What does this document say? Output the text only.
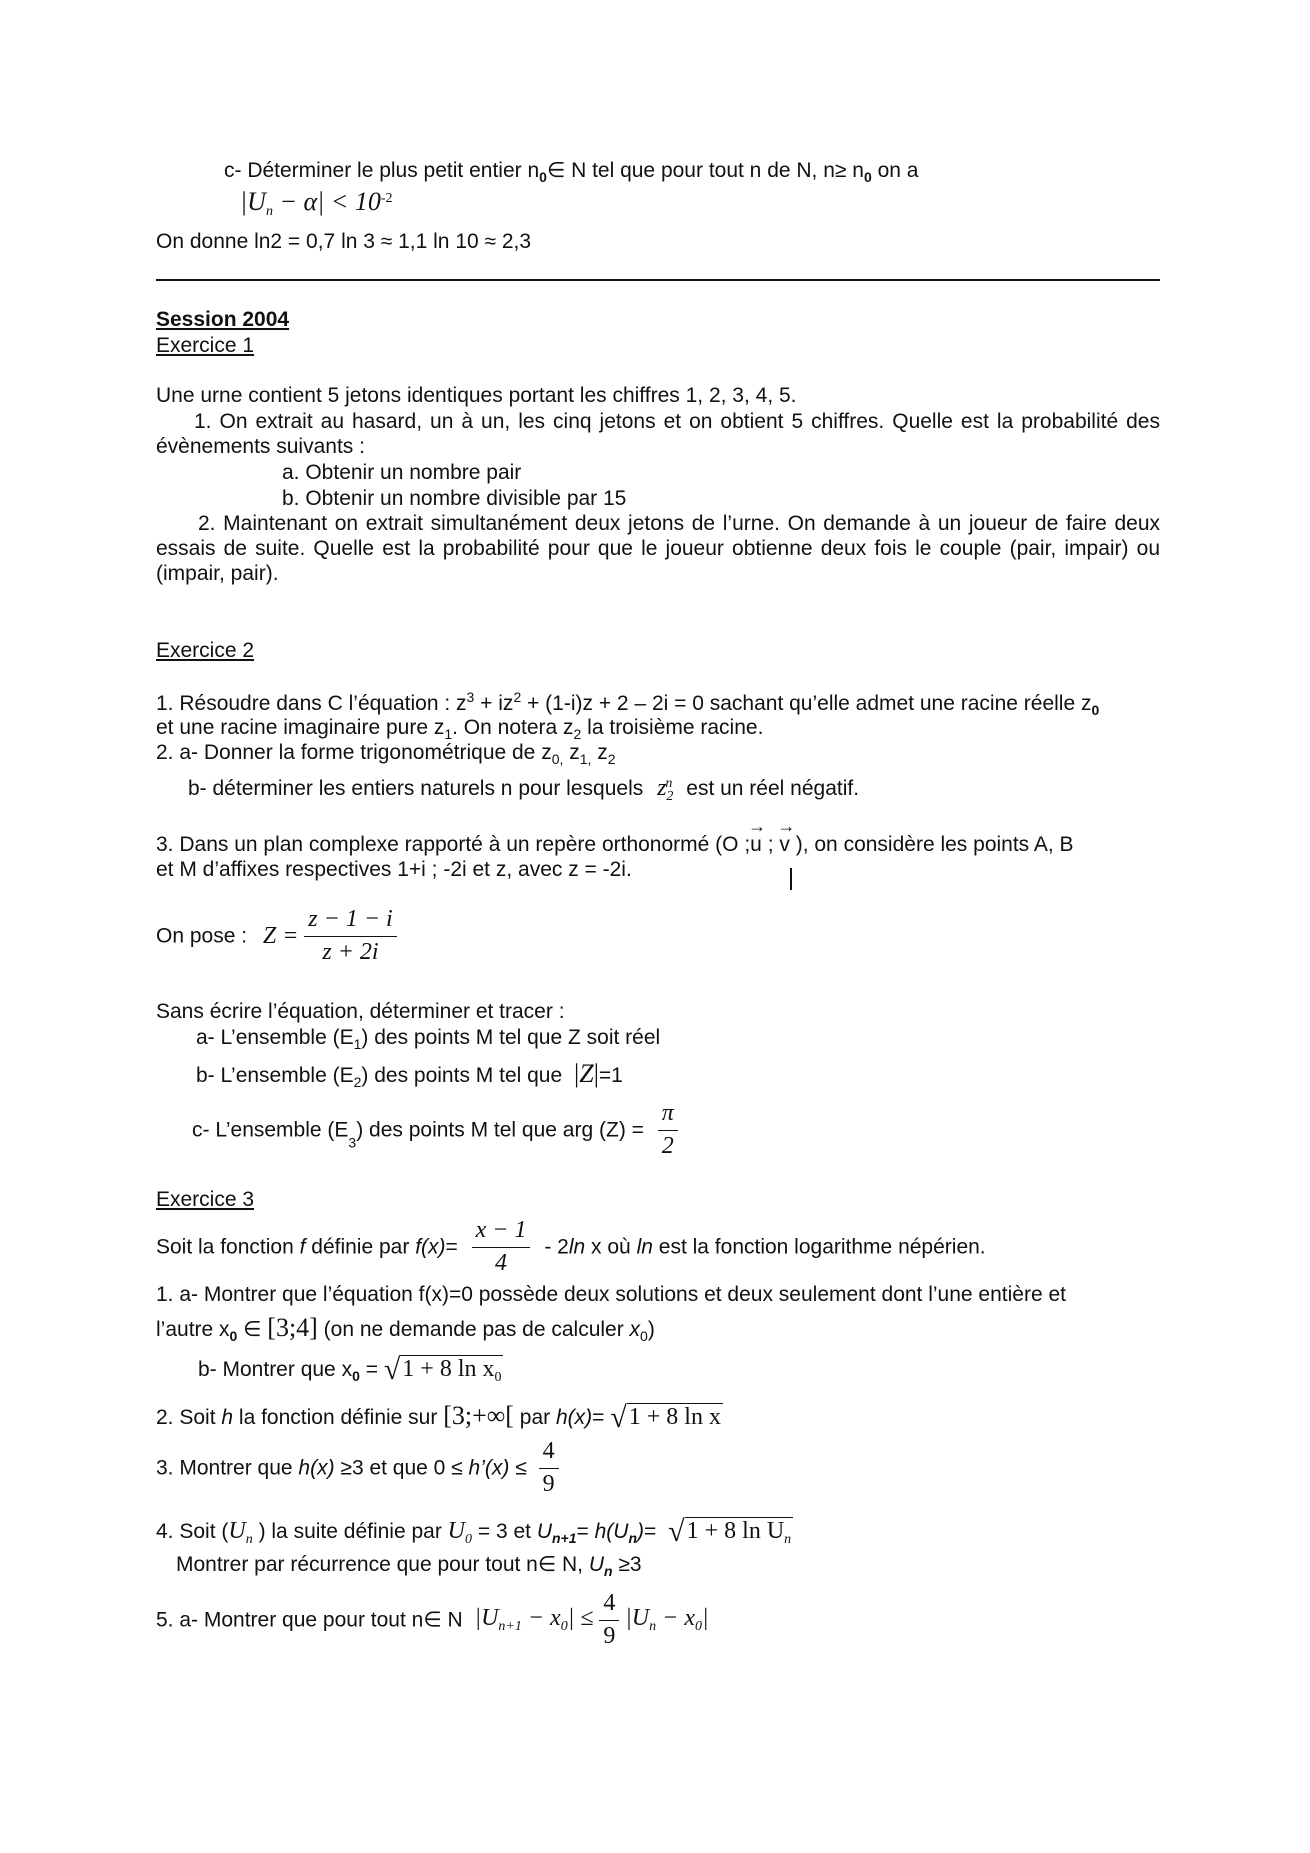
c- Déterminer le plus petit entier $n_0\in$ N tel que pour tout n de N, $n\ge n_0$ on a
$|U_n - \alpha| < 10^{-2}$
On donne ln2 = 0,7 ln 3 ≈ 1,1 ln 10 ≈ 2,3
Session 2004
Exercice 1
Une urne contient 5 jetons identiques portant les chiffres 1, 2, 3, 4, 5.
1. On extrait au hasard, un à un, les cinq jetons et on obtient 5 chiffres. Quelle est la probabilité des évènements suivants :
a. Obtenir un nombre pair
b. Obtenir un nombre divisible par 15
2. Maintenant on extrait simultanément deux jetons de l’urne. On demande à un joueur de faire deux essais de suite. Quelle est la probabilité pour que le joueur obtienne deux fois le couple (pair, impair) ou (impair, pair).
Exercice 2
1. Résoudre dans C l’équation : $z^3 + iz^2 + (1-i)z + 2 - 2i = 0$ sachant qu’elle admet une racine réelle $z_0$
et une racine imaginaire pure $z_1$. On notera $z_2$ la troisième racine.
2. a- Donner la forme trigonométrique de $z_{0,}$ $z_{1,}$ $z_2$
b- déterminer les entiers naturels n pour lesquels $z_2^n$ est un réel négatif.
3. Dans un plan complexe rapporté à un repère orthonormé (O ;→ u ; → v ), on considère les points A, B
et M d’affixes respectives 1+i ; -2i et z, avec z = -2i.
On pose : $Z = \frac{z - 1 - i}{z + 2i}$
Sans écrire l’équation, déterminer et tracer :
a- L’ensemble $(E_1)$ des points M tel que Z soit réel
b- L’ensemble $(E_2)$ des points M tel que |Z|=1
c- L’ensemble $(E_3)$ des points M tel que arg $(Z) = \frac{\pi}{2}$
Exercice 3
Soit la fonction f définie par $f(x)= \frac{x - 1}{4} - 2\ln$ x où ln est la fonction logarithme népérien.
1. a- Montrer que l’équation f(x)=0 possède deux solutions et deux seulement dont l’une entière et
l’autre $x_0$ ∈ [3;4] (on ne demande pas de calculer $x_0$)
b- Montrer que $x_0 = √1 + 8$ $\ln x_0$
2. Soit h la fonction définie sur [3;+∞[ par h(x)= √1 + 8 ln x
3. Montrer que h(x) ≥3 et que 0 ≤ h’(x) ≤ $\frac{4}{9}$
4. Soit ($U_n$ ) la suite définie par $U_0 = 3$ et $U_{n+1}= h(U_n)= √1 + 8$ $\ln U_n$
Montrer par récurrence que pour tout n∈ N, $U_n \ge 3$
5. a- Montrer que pour tout n∈ N $|U_{n+1} - x_0| \le \frac{4}{9} |U_n - x_0|$
